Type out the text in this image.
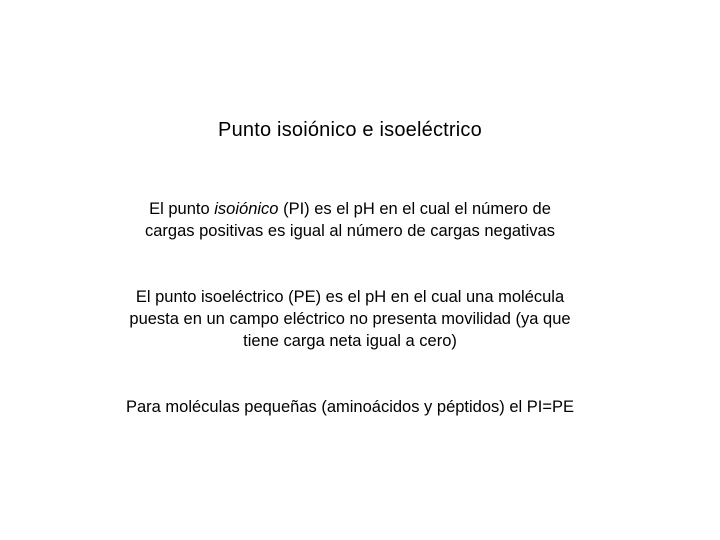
Punto isoiónico e isoeléctrico

El punto isoiónico (PI) es el pH en el cual el número de
cargas positivas es igual al número de cargas negativas

El punto isoeléctrico (PE) es el pH en el cual una molécula
puesta en un campo eléctrico no presenta movilidad (ya que
tiene carga neta igual a cero)

Para moléculas pequeñas (aminoácidos y péptidos) el PI=PE
